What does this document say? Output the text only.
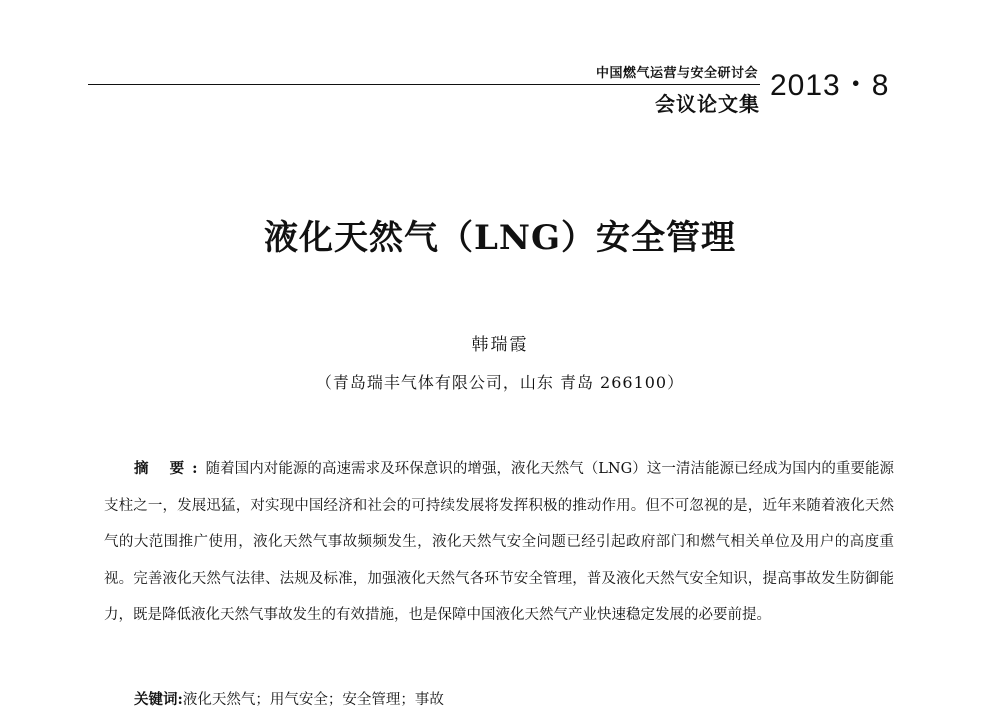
中国燃气运营与安全研讨会
会议论文集
2013・8
液化天然气（LNG）安全管理
韩瑞霞
（青岛瑞丰气体有限公司，山东 青岛 266100）

摘 要:随着国内对能源的高速需求及环保意识的增强，液化天然气（LNG）这一清洁能源已经成为国内的重要能源支柱之一，发展迅猛，对实现中国经济和社会的可持续发展将发挥积极的推动作用。但不可忽视的是，近年来随着液化天然气的大范围推广使用，液化天然气事故频频发生，液化天然气安全问题已经引起政府部门和燃气相关单位及用户的高度重视。完善液化天然气法律、法规及标准，加强液化天然气各环节安全管理，普及液化天然气安全知识，提高事故发生防御能力，既是降低液化天然气事故发生的有效措施，也是保障中国液化天然气产业快速稳定发展的必要前提。

关键词:液化天然气；用气安全；安全管理；事故
